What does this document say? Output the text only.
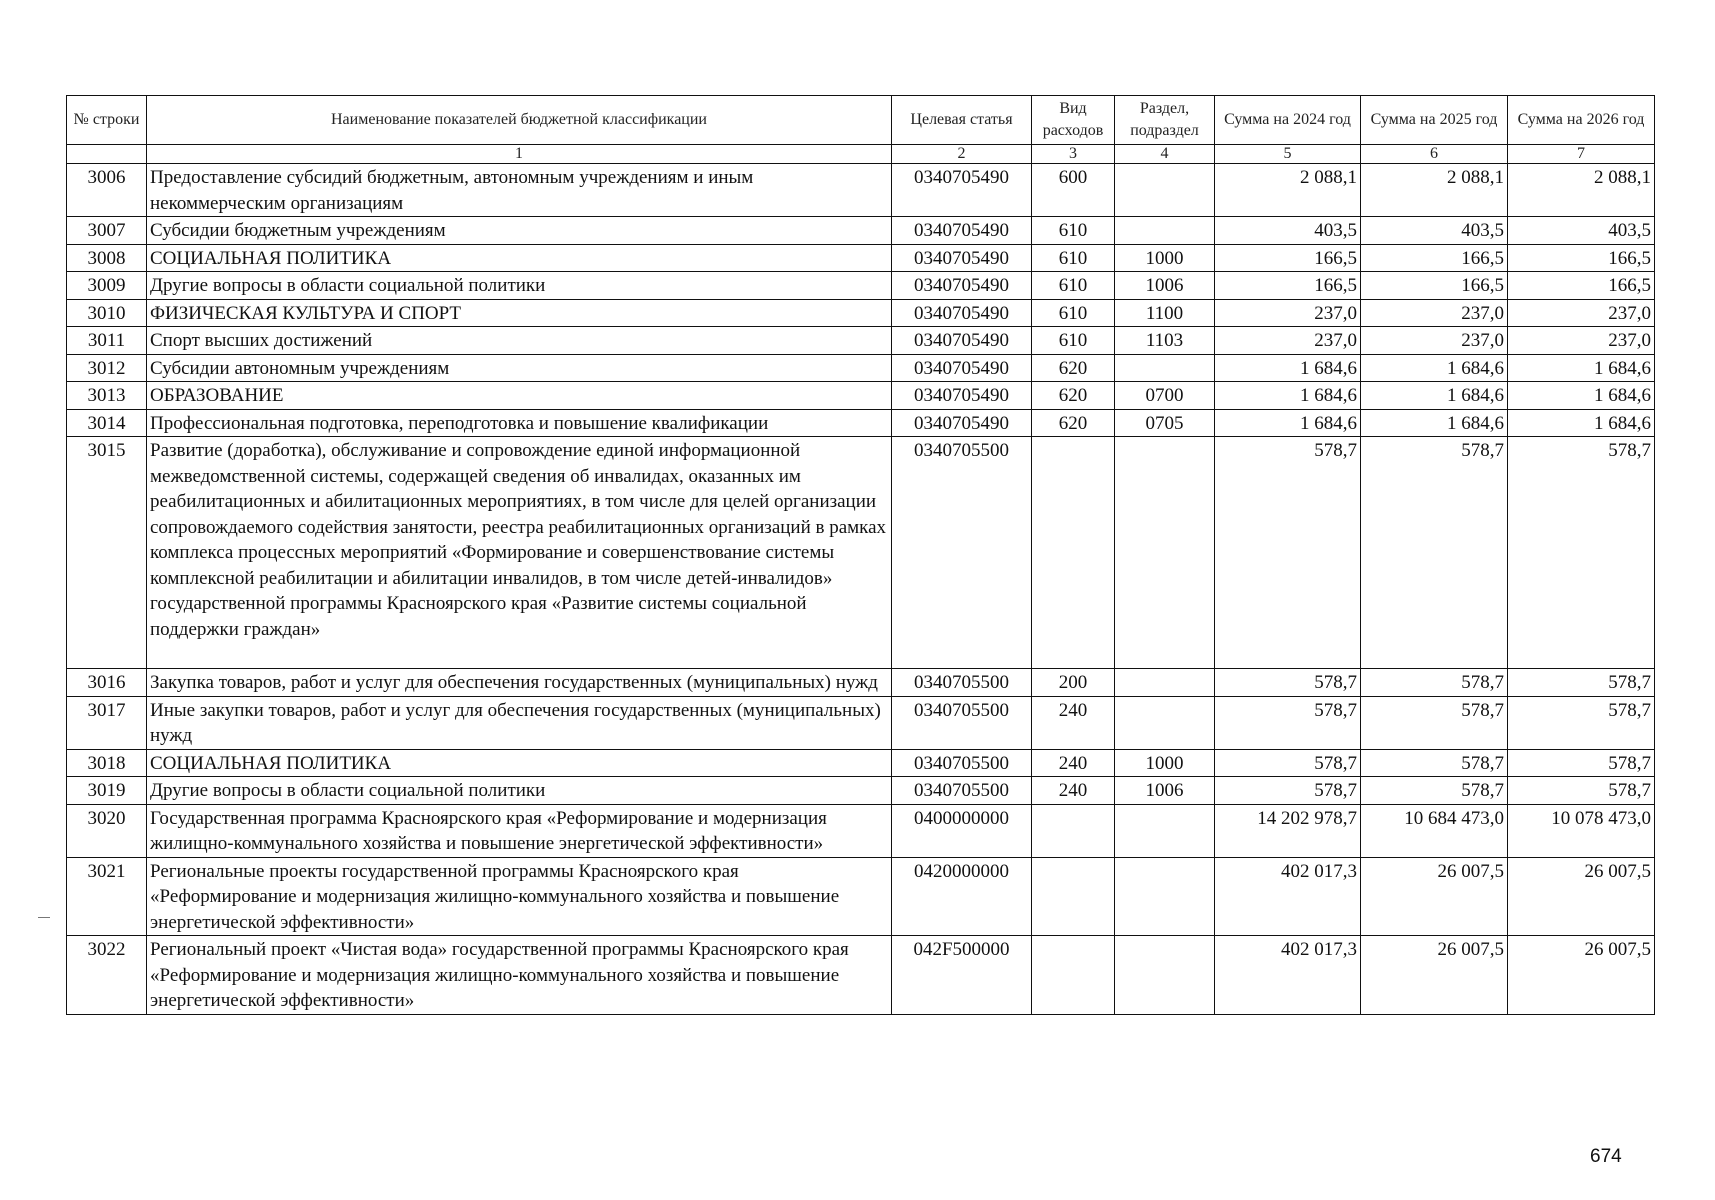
№ строки	Наименование показателей бюджетной классификации	Целевая статья	Вид расходов	Раздел, подраздел	Сумма на 2024 год	Сумма на 2025 год	Сумма на 2026 год
	1	2	3	4	5	6	7
3006	Предоставление субсидий бюджетным, автономным учреждениям и иным некоммерческим организациям	0340705490	600		2 088,1	2 088,1	2 088,1
3007	Субсидии бюджетным учреждениям	0340705490	610		403,5	403,5	403,5
3008	СОЦИАЛЬНАЯ ПОЛИТИКА	0340705490	610	1000	166,5	166,5	166,5
3009	Другие вопросы в области социальной политики	0340705490	610	1006	166,5	166,5	166,5
3010	ФИЗИЧЕСКАЯ КУЛЬТУРА И СПОРТ	0340705490	610	1100	237,0	237,0	237,0
3011	Спорт высших достижений	0340705490	610	1103	237,0	237,0	237,0
3012	Субсидии автономным учреждениям	0340705490	620		1 684,6	1 684,6	1 684,6
3013	ОБРАЗОВАНИЕ	0340705490	620	0700	1 684,6	1 684,6	1 684,6
3014	Профессиональная подготовка, переподготовка и повышение квалификации	0340705490	620	0705	1 684,6	1 684,6	1 684,6
3015	Развитие (доработка), обслуживание и сопровождение единой информационной межведомственной системы, содержащей сведения об инвалидах, оказанных им реабилитационных и абилитационных мероприятиях, в том числе для целей организации сопровождаемого содействия занятости, реестра реабилитационных организаций в рамках комплекса процессных мероприятий «Формирование и совершенствование системы комплексной реабилитации и абилитации инвалидов, в том числе детей-инвалидов» государственной программы Красноярского края «Развитие системы социальной поддержки граждан»	0340705500			578,7	578,7	578,7
3016	Закупка товаров, работ и услуг для обеспечения государственных (муниципальных) нужд	0340705500	200		578,7	578,7	578,7
3017	Иные закупки товаров, работ и услуг для обеспечения государственных (муниципальных) нужд	0340705500	240		578,7	578,7	578,7
3018	СОЦИАЛЬНАЯ ПОЛИТИКА	0340705500	240	1000	578,7	578,7	578,7
3019	Другие вопросы в области социальной политики	0340705500	240	1006	578,7	578,7	578,7
3020	Государственная программа Красноярского края «Реформирование и модернизация жилищно-коммунального хозяйства и повышение энергетической эффективности»	0400000000			14 202 978,7	10 684 473,0	10 078 473,0
3021	Региональные проекты государственной программы Красноярского края «Реформирование и модернизация жилищно-коммунального хозяйства и повышение энергетической эффективности»	0420000000			402 017,3	26 007,5	26 007,5
3022	Региональный проект «Чистая вода» государственной программы Красноярского края «Реформирование и модернизация жилищно-коммунального хозяйства и повышение энергетической эффективности»	042F500000			402 017,3	26 007,5	26 007,5
674
